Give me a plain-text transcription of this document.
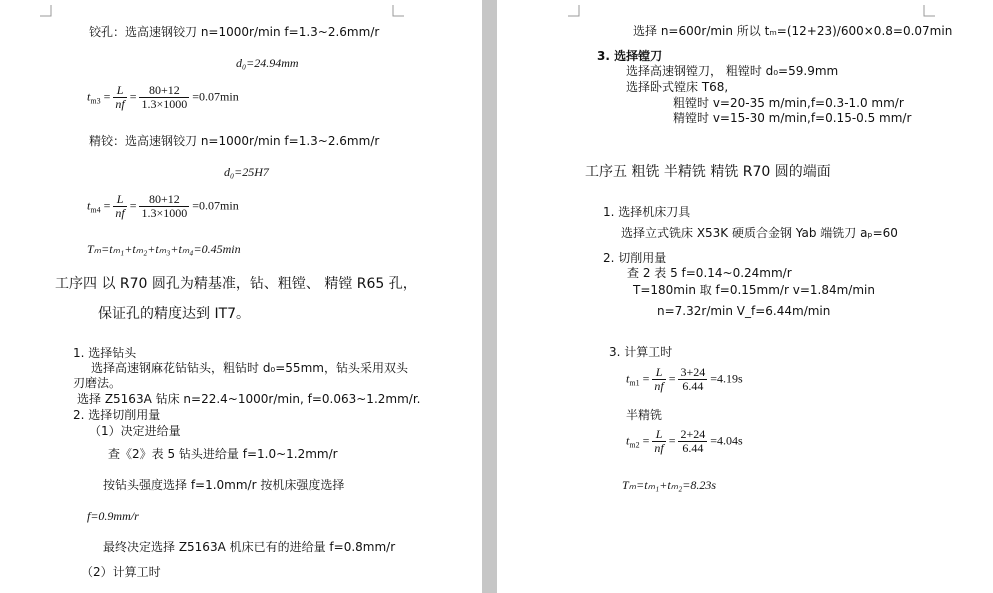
铰孔：选高速钢铰刀 n=1000r/min f=1.3~2.6mm/r
d₀=24.94mm
$t_{m3} = \frac{L}{nf} = \frac{80+12}{1.3\times 1000} =0.07\min$
精铰：选高速钢铰刀 n=1000r/min f=1.3~2.6mm/r
d₀=25H7
$t_{m4} = \frac{L}{nf} = \frac{80+12}{1.3\times 1000} =0.07\min$
Tₘ=tₘ₁+tₘ₂+tₘ₃+tₘ₄=0.45min
工序四 以 R70 圆孔为精基准，钻、粗镗、 精镗 R65 孔，
保证孔的精度达到 IT7。
1. 选择钻头
选择高速钢麻花钻钻头，粗钻时 d₀=55mm，钻头采用双头
刃磨法。
选择 Z5163A 钻床 n=22.4~1000r/min, f=0.063~1.2mm/r.
2. 选择切削用量
（1）决定进给量
查《2》表 5 钻头进给量 f=1.0~1.2mm/r
按钻头强度选择 f=1.0mm/r 按机床强度选择
f=0.9mm/r
最终决定选择 Z5163A 机床已有的进给量 f=0.8mm/r
（2）计算工时
选择 n=600r/min 所以 tₘ=(12+23)/600×0.8=0.07min
3. 选择镗刀
选择高速钢镗刀， 粗镗时 d₀=59.9mm
选择卧式镗床 T68,
粗镗时 v=20-35 m/min,f=0.3-1.0 mm/r
精镗时 v=15-30 m/min,f=0.15-0.5 mm/r
工序五 粗铣 半精铣 精铣 R70 圆的端面
1. 选择机床刀具
选择立式铣床 X53K 硬质合金钢 Yab 端铣刀 aₚ=60
2. 切削用量
查 2 表 5 f=0.14~0.24mm/r
T=180min 取 f=0.15mm/r v=1.84m/min
n=7.32r/min V_f=6.44m/min
3. 计算工时
$t_{m1} = \frac{L}{nf} = \frac{3+24}{6.44} =4.19s$
半精铣
$t_{m2} = \frac{L}{nf} = \frac{2+24}{6.44} =4.04s$
Tₘ=tₘ₁+tₘ₂=8.23s
